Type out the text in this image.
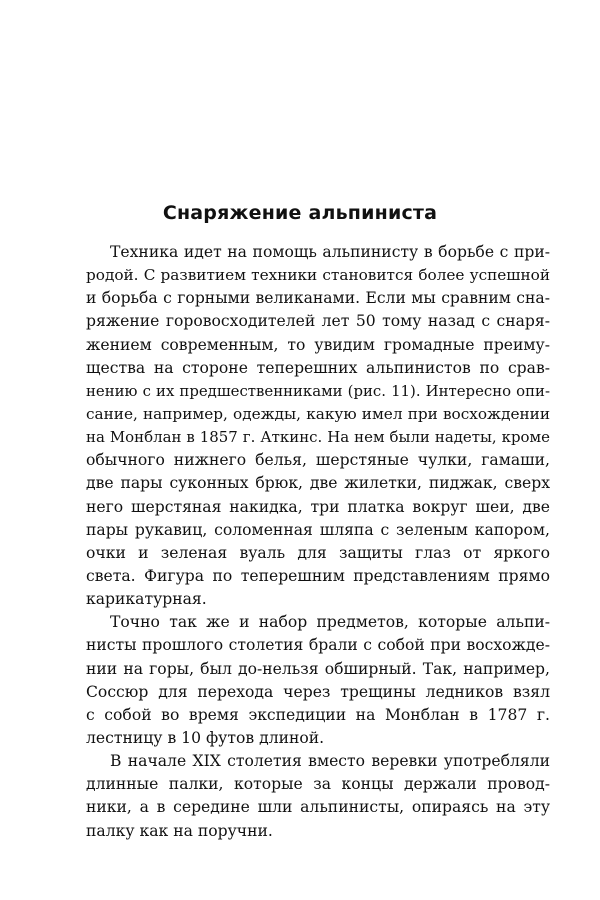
Снаряжение альпиниста
Техника идет на помощь альпинисту в борьбе с при-
родой. С развитием техники становится более успешной
и борьба с горными великанами. Если мы сравним сна-
ряжение горовосходителей лет 50 тому назад с снаря-
жением современным, то увидим громадные преиму-
щества на стороне теперешних альпинистов по срав-
нению с их предшественниками (рис. 11). Интересно опи-
сание, например, одежды, какую имел при восхождении
на Монблан в 1857 г. Аткинс. На нем были надеты, кроме
обычного нижнего белья, шерстяные чулки, гамаши,
две пары суконных брюк, две жилетки, пиджак, сверх
него шерстяная накидка, три платка вокруг шеи, две
пары рукавиц, соломенная шляпа с зеленым капором,
очки и зеленая вуаль для защиты глаз от яркого
света. Фигура по теперешним представлениям прямо
карикатурная.
Точно так же и набор предметов, которые альпи-
нисты прошлого столетия брали с собой при восхожде-
нии на горы, был до-нельзя обширный. Так, например,
Соссюр для перехода через трещины ледников взял
с собой во время экспедиции на Монблан в 1787 г.
лестницу в 10 футов длиной.
В начале XIX столетия вместо веревки употребляли
длинные палки, которые за концы держали провод-
ники, а в середине шли альпинисты, опираясь на эту
палку как на поручни.
